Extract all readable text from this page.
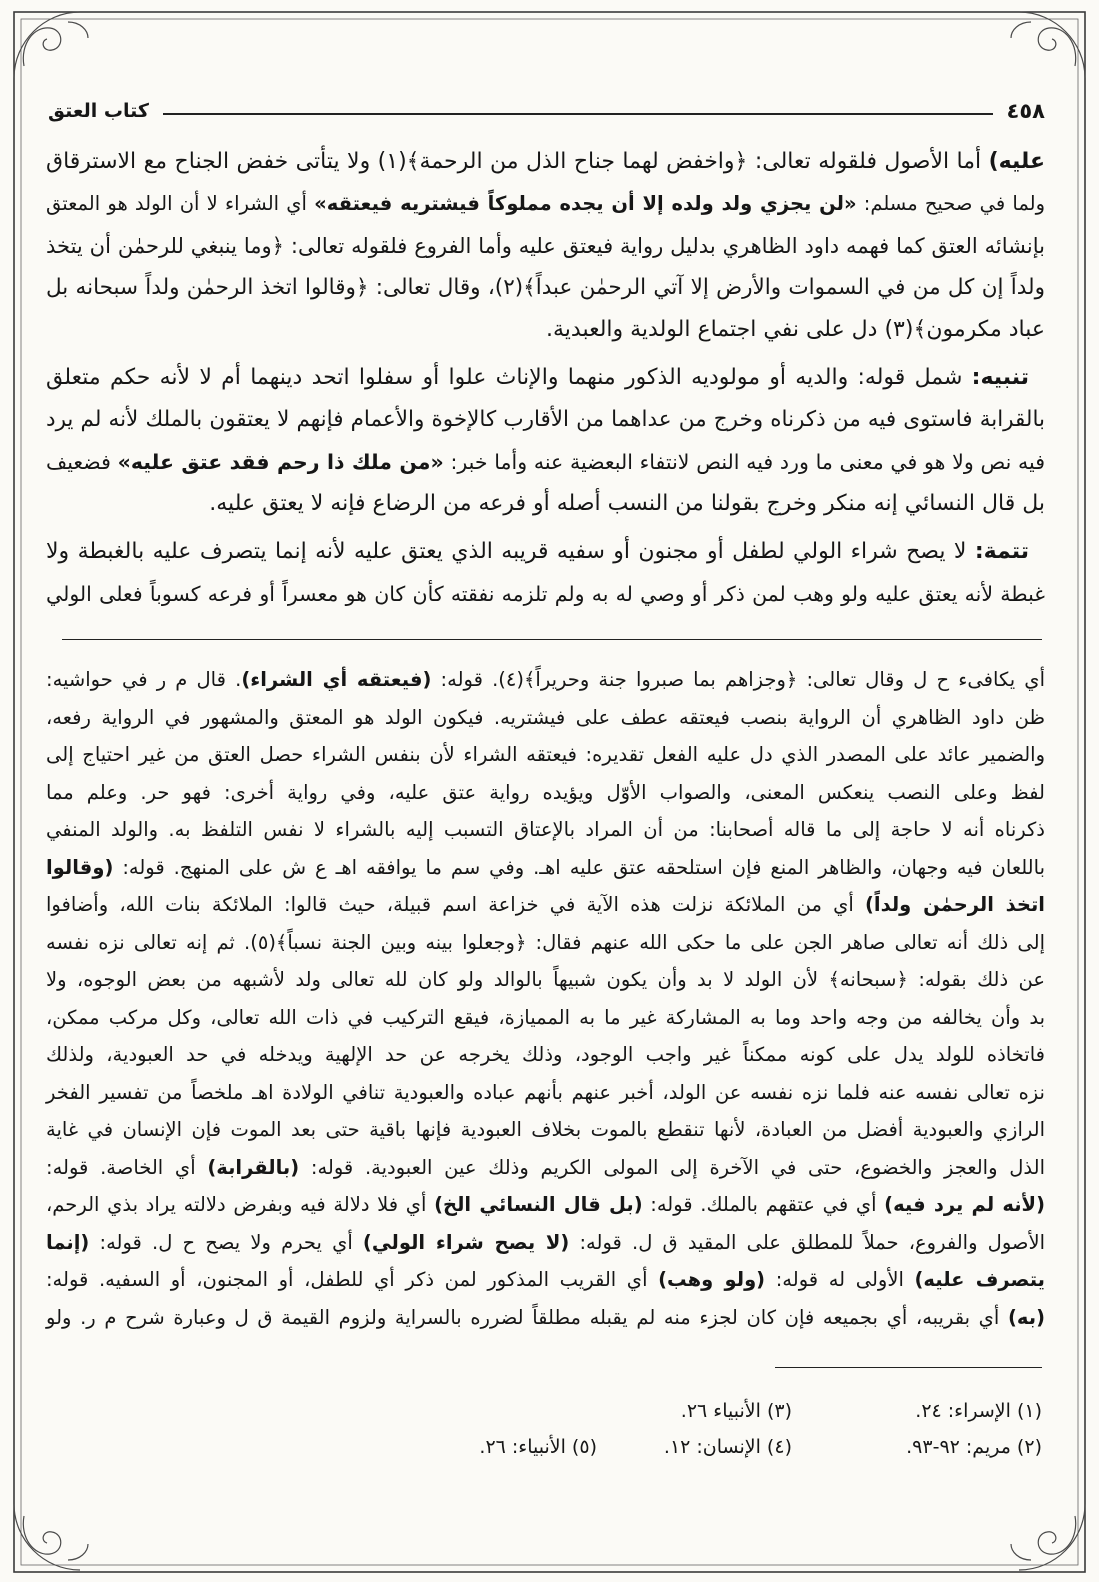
٤٥٨
كتاب العتق
عليه) أما الأصول فلقوله تعالى: ﴿واخفض لهما جناح الذل من الرحمة﴾(١) ولا يتأتى خفض الجناح مع الاسترقاق
ولما في صحيح مسلم: «لن يجزي ولد ولده إلا أن يجده مملوكاً فيشتريه فيعتقه» أي الشراء لا أن الولد هو المعتق
بإنشائه العتق كما فهمه داود الظاهري بدليل رواية فيعتق عليه وأما الفروع فلقوله تعالى: ﴿وما ينبغي للرحمٰن أن يتخذ
ولداً إن كل من في السموات والأرض إلا آتي الرحمٰن عبداً﴾(٢)، وقال تعالى: ﴿وقالوا اتخذ الرحمٰن ولداً سبحانه بل
عباد مكرمون﴾(٣) دل على نفي اجتماع الولدية والعبدية.
تنبيه: شمل قوله: والديه أو مولوديه الذكور منهما والإناث علوا أو سفلوا اتحد دينهما أم لا لأنه حكم متعلق
بالقرابة فاستوى فيه من ذكرناه وخرج من عداهما من الأقارب كالإخوة والأعمام فإنهم لا يعتقون بالملك لأنه لم يرد
فيه نص ولا هو في معنى ما ورد فيه النص لانتفاء البعضية عنه وأما خبر: «من ملك ذا رحم فقد عتق عليه» فضعيف
بل قال النسائي إنه منكر وخرج بقولنا من النسب أصله أو فرعه من الرضاع فإنه لا يعتق عليه.
تتمة: لا يصح شراء الولي لطفل أو مجنون أو سفيه قريبه الذي يعتق عليه لأنه إنما يتصرف عليه بالغبطة ولا
غبطة لأنه يعتق عليه ولو وهب لمن ذكر أو وصي له به ولم تلزمه نفقته كأن كان هو معسراً أو فرعه كسوباً فعلى الولي
أي يكافىء ح ل وقال تعالى: ﴿وجزاهم بما صبروا جنة وحريراً﴾(٤). قوله: (فيعتقه أي الشراء). قال م ر في حواشيه:
ظن داود الظاهري أن الرواية بنصب فيعتقه عطف على فيشتريه. فيكون الولد هو المعتق والمشهور في الرواية رفعه،
والضمير عائد على المصدر الذي دل عليه الفعل تقديره: فيعتقه الشراء لأن بنفس الشراء حصل العتق من غير احتياج إلى
لفظ وعلى النصب ينعكس المعنى، والصواب الأوّل ويؤيده رواية عتق عليه، وفي رواية أخرى: فهو حر. وعلم مما
ذكرناه أنه لا حاجة إلى ما قاله أصحابنا: من أن المراد بالإعتاق التسبب إليه بالشراء لا نفس التلفظ به. والولد المنفي
باللعان فيه وجهان، والظاهر المنع فإن استلحقه عتق عليه اهـ. وفي سم ما يوافقه اهـ ع ش على المنهج. قوله: (وقالوا
اتخذ الرحمٰن ولداً) أي من الملائكة نزلت هذه الآية في خزاعة اسم قبيلة، حيث قالوا: الملائكة بنات الله، وأضافوا
إلى ذلك أنه تعالى صاهر الجن على ما حكى الله عنهم فقال: ﴿وجعلوا بينه وبين الجنة نسباً﴾(٥). ثم إنه تعالى نزه نفسه
عن ذلك بقوله: ﴿سبحانه﴾ لأن الولد لا بد وأن يكون شبيهاً بالوالد ولو كان لله تعالى ولد لأشبهه من بعض الوجوه، ولا
بد وأن يخالفه من وجه واحد وما به المشاركة غير ما به المميازة، فيقع التركيب في ذات الله تعالى، وكل مركب ممكن،
فاتخاذه للولد يدل على كونه ممكناً غير واجب الوجود، وذلك يخرجه عن حد الإلهية ويدخله في حد العبودية، ولذلك
نزه تعالى نفسه عنه فلما نزه نفسه عن الولد، أخبر عنهم بأنهم عباده والعبودية تنافي الولادة اهـ ملخصاً من تفسير الفخر
الرازي والعبودية أفضل من العبادة، لأنها تنقطع بالموت بخلاف العبودية فإنها باقية حتى بعد الموت فإن الإنسان في غاية
الذل والعجز والخضوع، حتى في الآخرة إلى المولى الكريم وذلك عين العبودية. قوله: (بالقرابة) أي الخاصة. قوله:
(لأنه لم يرد فيه) أي في عتقهم بالملك. قوله: (بل قال النسائي الخ) أي فلا دلالة فيه وبفرض دلالته يراد بذي الرحم،
الأصول والفروع، حملاً للمطلق على المقيد ق ل. قوله: (لا يصح شراء الولي) أي يحرم ولا يصح ح ل. قوله: (إنما
يتصرف عليه) الأولى له قوله: (ولو وهب) أي القريب المذكور لمن ذكر أي للطفل، أو المجنون، أو السفيه. قوله:
(به) أي بقريبه، أي بجميعه فإن كان لجزء منه لم يقبله مطلقاً لضرره بالسراية ولزوم القيمة ق ل وعبارة شرح م ر. ولو
(١) الإسراء: ٢٤.
(٣) الأنبياء ٢٦.
(٢) مريم: ٩٢-٩٣.
(٤) الإنسان: ١٢.
(٥) الأنبياء: ٢٦.
